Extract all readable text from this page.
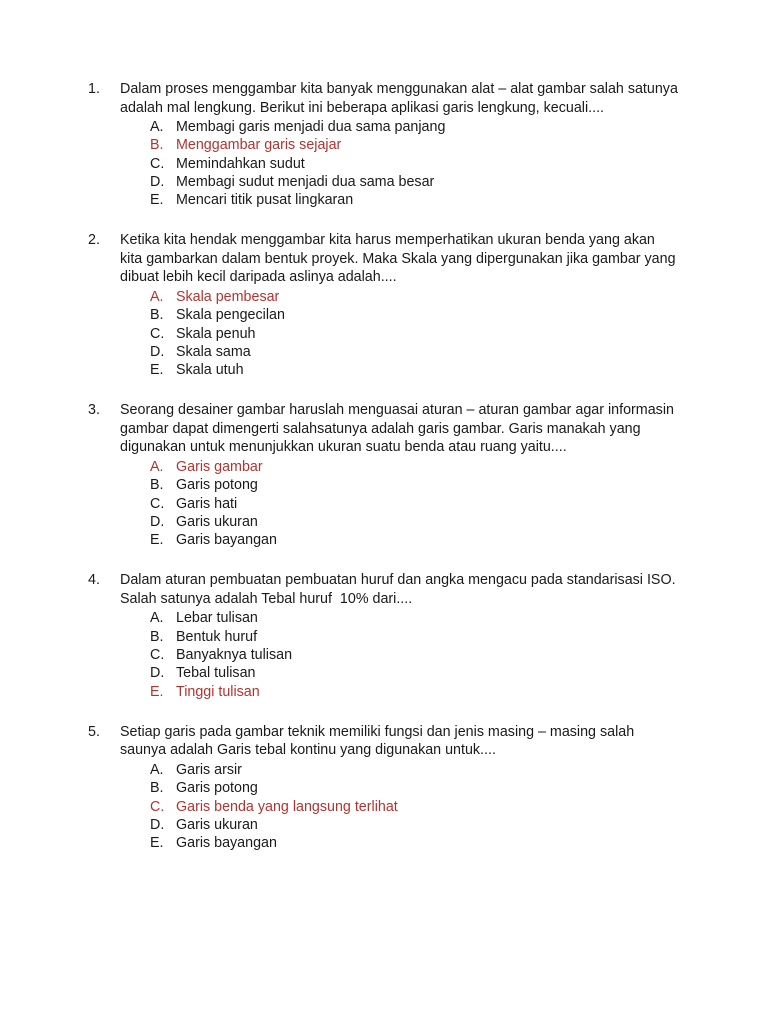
1.	Dalam proses menggambar kita banyak menggunakan alat – alat gambar salah satunya adalah mal lengkung. Berikut ini beberapa aplikasi garis lengkung, kecuali....
A. Membagi garis menjadi dua sama panjang
B. Menggambar garis sejajar
C. Memindahkan sudut
D. Membagi sudut menjadi dua sama besar
E. Mencari titik pusat lingkaran
2.	Ketika kita hendak menggambar kita harus memperhatikan ukuran benda yang akan kita gambarkan dalam bentuk proyek. Maka Skala yang dipergunakan jika gambar yang dibuat lebih kecil daripada aslinya adalah....
A. Skala pembesar
B. Skala pengecilan
C. Skala penuh
D. Skala sama
E. Skala utuh
3.	Seorang desainer gambar haruslah menguasai aturan – aturan gambar agar informasin gambar dapat dimengerti salahsatunya adalah garis gambar. Garis manakah yang digunakan untuk menunjukkan ukuran suatu benda atau ruang yaitu....
A. Garis gambar
B. Garis potong
C. Garis hati
D. Garis ukuran
E. Garis bayangan
4.	Dalam aturan pembuatan pembuatan huruf dan angka mengacu pada standarisasi ISO. Salah satunya adalah Tebal huruf  10% dari....
A. Lebar tulisan
B. Bentuk huruf
C. Banyaknya tulisan
D. Tebal tulisan
E. Tinggi tulisan
5.	Setiap garis pada gambar teknik memiliki fungsi dan jenis masing – masing salah saunya adalah Garis tebal kontinu yang digunakan untuk....
A. Garis arsir
B. Garis potong
C. Garis benda yang langsung terlihat
D. Garis ukuran
E. Garis bayangan
